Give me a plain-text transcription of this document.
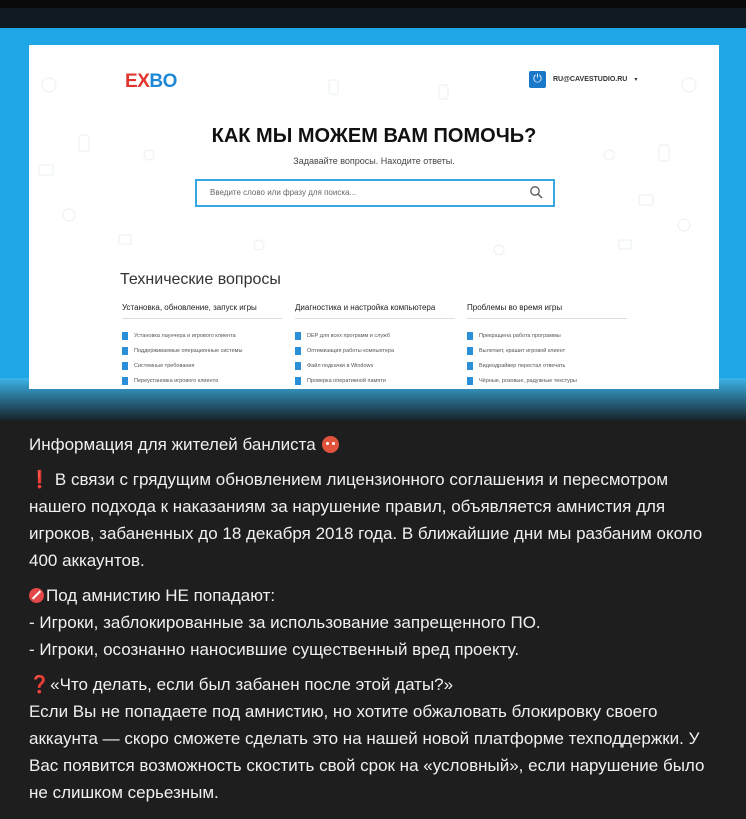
EXBO	⏻	RU@CAVESTUDIO.RU ▾
КАК МЫ МОЖЕМ ВАМ ПОМОЧЬ?
Задавайте вопросы. Находите ответы.
Введите слово или фразу для поиска...
Технические вопросы
Установка, обновление, запуск игры
Установка лаунчера и игрового клиента
Поддерживаемые операционные системы
Системные требования
Переустановка игрового клиента
Диагностика и настройка компьютера
DEP для всех программ и служб
Оптимизация работы компьютера
Файл подкачки в Windows
Проверка оперативной памяти
Проблемы во время игры
Прекращена работа программы
Вылетает, крашит игровой клиент
Видеодрайвер перестал отвечать
Чёрные, розовые, радужные текстуры

Информация для жителей банлиста

❗ В связи с грядущим обновлением лицензионного соглашения и пересмотром нашего подхода к наказаниям за нарушение правил, объявляется амнистия для игроков, забаненных до 18 декабря 2018 года. В ближайшие дни мы разбаним около 400 аккаунтов.

Под амнистию НЕ попадают:
- Игроки, заблокированные за использование запрещенного ПО.
- Игроки, осознанно наносившие существенный вред проекту.

❓«Что делать, если был забанен после этой даты?»
Если Вы не попадаете под амнистию, но хотите обжаловать блокировку своего аккаунта — скоро сможете сделать это на нашей новой платформе техподдержки. У Вас появится возможность скостить свой срок на «условный», если нарушение было не слишком серьезным.
